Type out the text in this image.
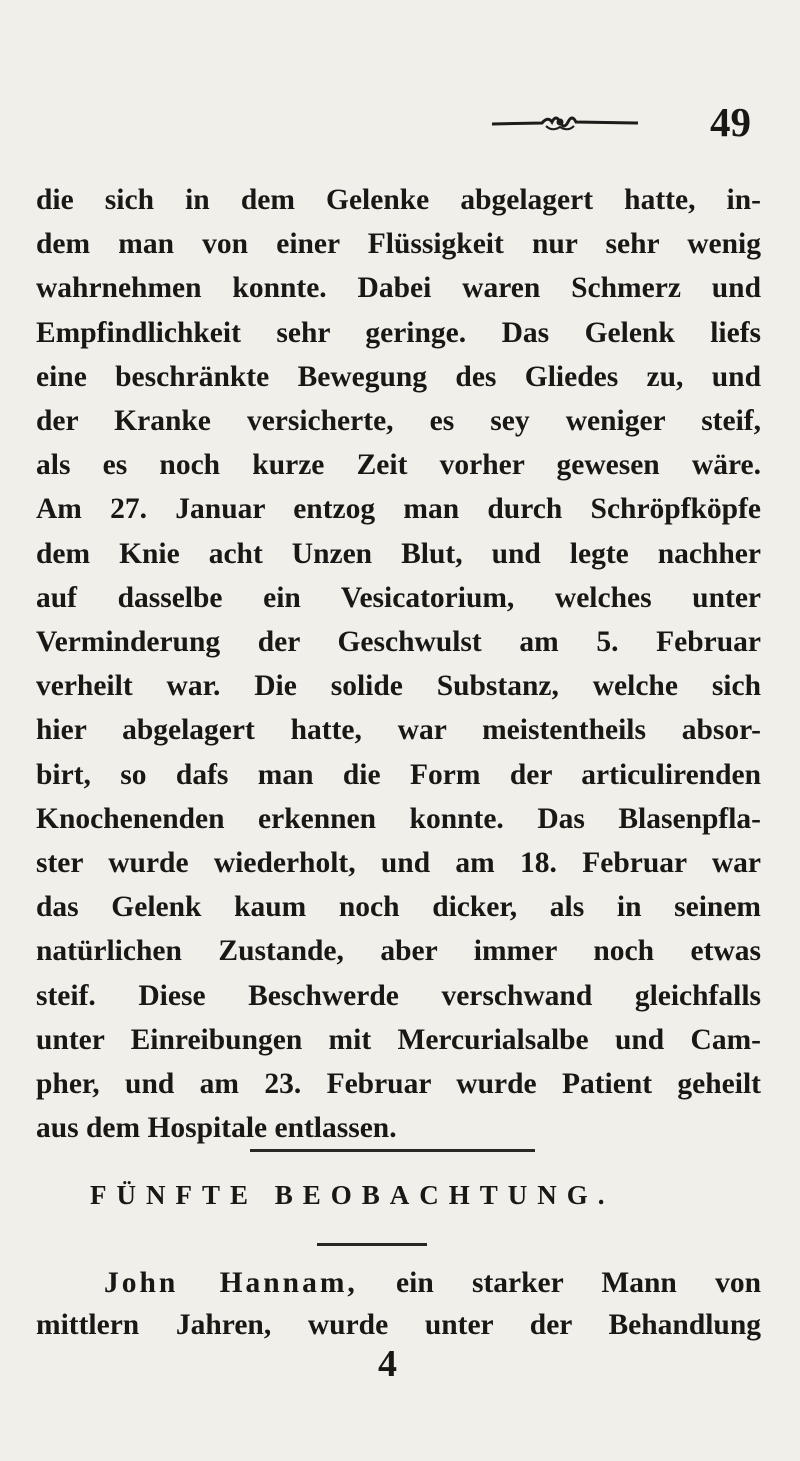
49
die sich in dem Gelenke abgelagert hatte, in-
dem man von einer Flüssigkeit nur sehr wenig
wahrnehmen konnte. Dabei waren Schmerz und
Empfindlichkeit sehr geringe. Das Gelenk liefs
eine beschränkte Bewegung des Gliedes zu, und
der Kranke versicherte, es sey weniger steif,
als es noch kurze Zeit vorher gewesen wäre.
Am 27. Januar entzog man durch Schröpfköpfe
dem Knie acht Unzen Blut, und legte nachher
auf dasselbe ein Vesicatorium, welches unter
Verminderung der Geschwulst am 5. Februar
verheilt war. Die solide Substanz, welche sich
hier abgelagert hatte, war meistentheils absor-
birt, so dafs man die Form der articulirenden
Knochenenden erkennen konnte. Das Blasenpfla-
ster wurde wiederholt, und am 18. Februar war
das Gelenk kaum noch dicker, als in seinem
natürlichen Zustande, aber immer noch etwas
steif. Diese Beschwerde verschwand gleichfalls
unter Einreibungen mit Mercurialsalbe und Cam-
pher, und am 23. Februar wurde Patient geheilt
aus dem Hospitale entlassen.
FÜNFTE BEOBACHTUNG.
John Hannam, ein starker Mann von
mittlern Jahren, wurde unter der Behandlung
4
